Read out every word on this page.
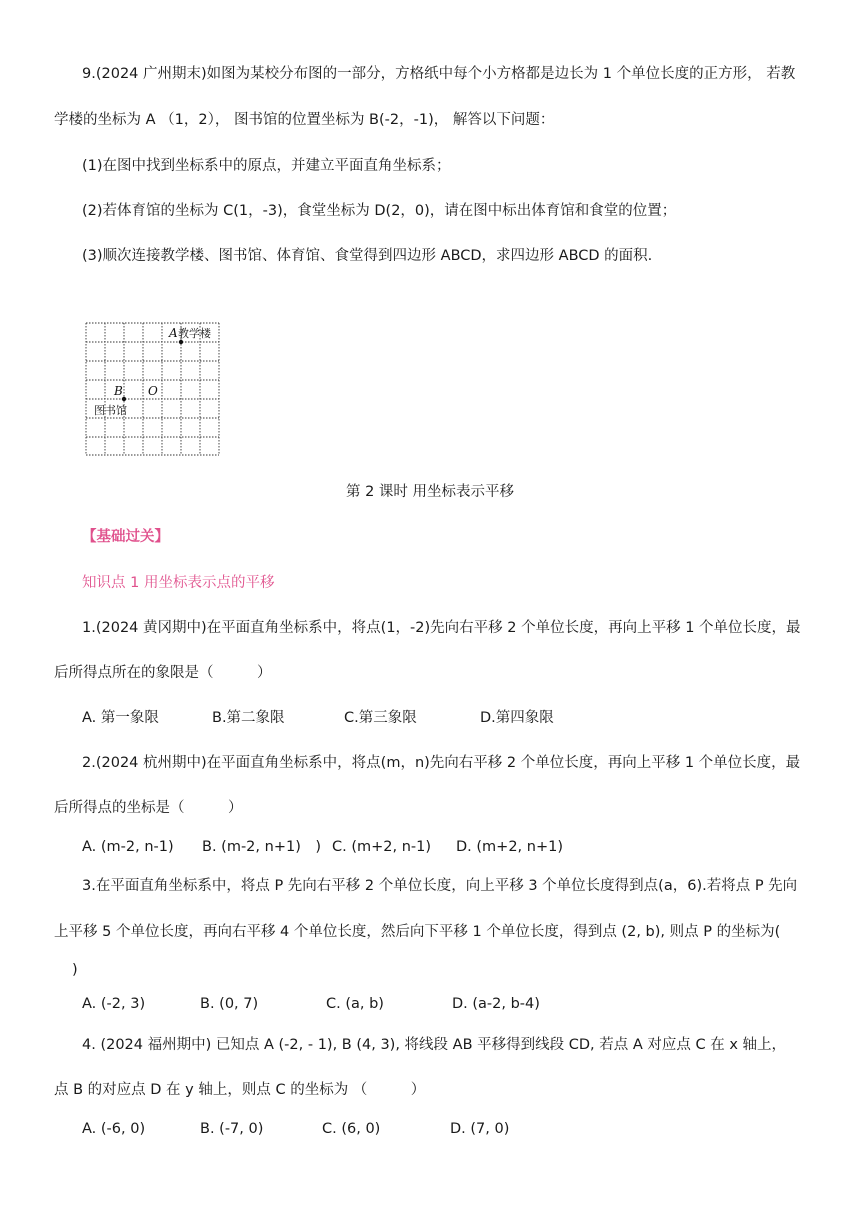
9.(2024 广州期末)如图为某校分布图的一部分，方格纸中每个小方格都是边长为 1 个单位长度的正方形， 若教
学楼的坐标为 A （1，2）， 图书馆的位置坐标为 B(-2，-1)， 解答以下问题：
(1)在图中找到坐标系中的原点，并建立平面直角坐标系；
(2)若体育馆的坐标为 C(1，-3)，食堂坐标为 D(2，0)，请在图中标出体育馆和食堂的位置；
(3)顺次连接教学楼、图书馆、体育馆、食堂得到四边形 ABCD，求四边形 ABCD 的面积.
A 教学楼
B O
图书馆
第 2 课时 用坐标表示平移
【基础过关】
知识点 1 用坐标表示点的平移
1.(2024 黄冈期中)在平面直角坐标系中，将点(1，-2)先向右平移 2 个单位长度，再向上平移 1 个单位长度，最
后所得点所在的象限是（　　　）
A. 第一象限	B.第二象限	C.第三象限	D.第四象限
2.(2024 杭州期中)在平面直角坐标系中，将点(m，n)先向右平移 2 个单位长度，再向上平移 1 个单位长度，最
后所得点的坐标是（　　　）
A. (m-2, n-1) B. (m-2, n+1)　) C. (m+2, n-1) D. (m+2, n+1)
3.在平面直角坐标系中，将点 P 先向右平移 2 个单位长度，向上平移 3 个单位长度得到点(a，6).若将点 P 先向
上平移 5 个单位长度，再向右平移 4 个单位长度，然后向下平移 1 个单位长度，得到点 (2, b), 则点 P 的坐标为(
)
A. (-2, 3)	B. (0, 7)	C. (a, b)	D. (a-2, b-4)
4. (2024 福州期中) 已知点 A (-2, - 1), B (4, 3), 将线段 AB 平移得到线段 CD, 若点 A 对应点 C 在 x 轴上，
点 B 的对应点 D 在 y 轴上，则点 C 的坐标为 （　　　）
A. (-6, 0)	B. (-7, 0)	C. (6, 0)	D. (7, 0)
